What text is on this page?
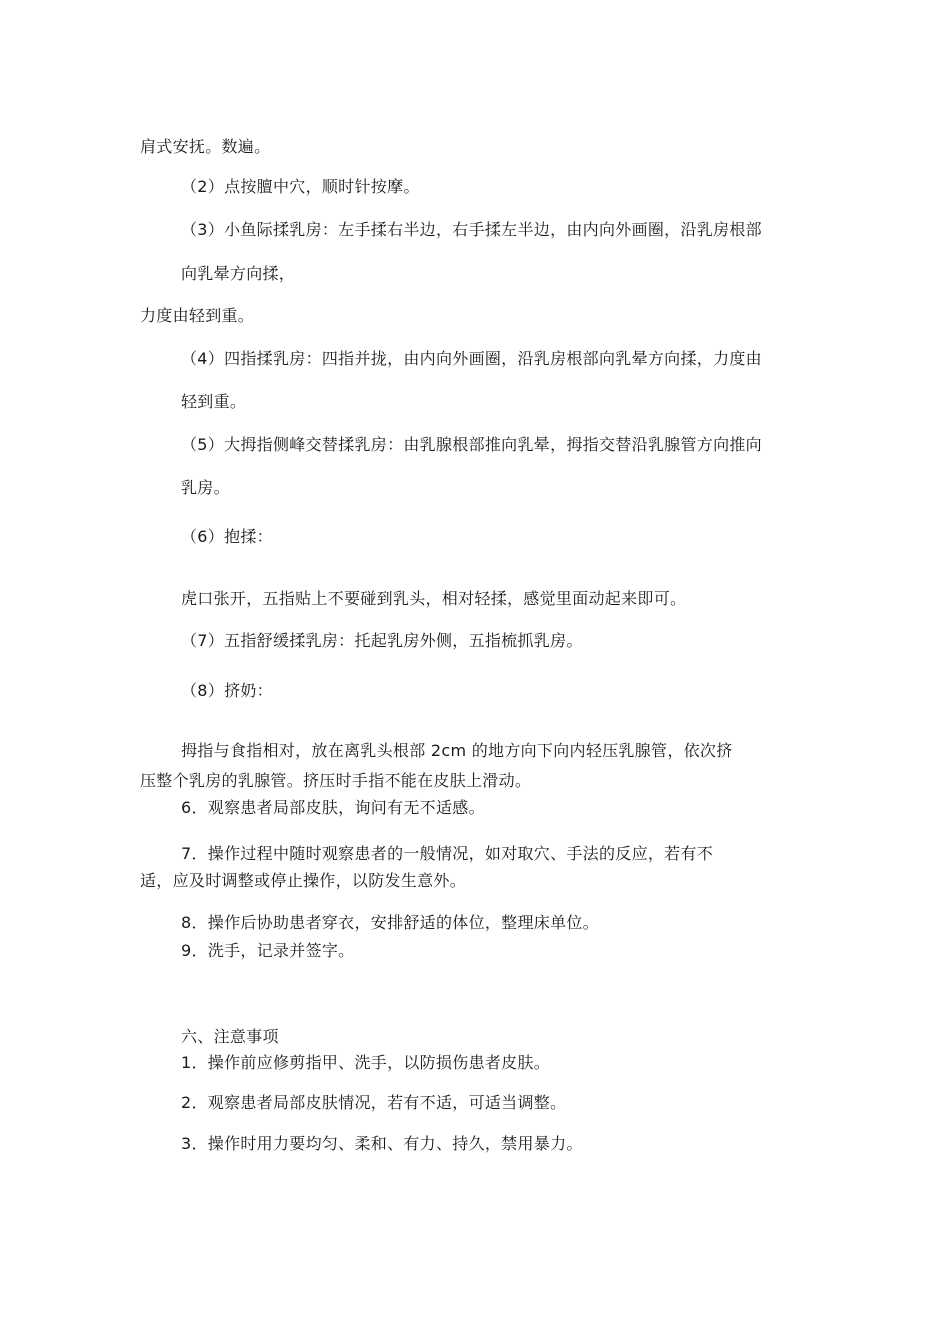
肩式安抚。数遍。
（2）点按膻中穴，顺时针按摩。
（3）小鱼际揉乳房：左手揉右半边，右手揉左半边，由内向外画圈，沿乳房根部
向乳晕方向揉，
力度由轻到重。
（4）四指揉乳房：四指并拢，由内向外画圈，沿乳房根部向乳晕方向揉，力度由
轻到重。
（5）大拇指侧峰交替揉乳房：由乳腺根部推向乳晕，拇指交替沿乳腺管方向推向
乳房。
（6）抱揉：
虎口张开，五指贴上不要碰到乳头，相对轻揉，感觉里面动起来即可。
（7）五指舒缓揉乳房：托起乳房外侧，五指梳抓乳房。
（8）挤奶：
拇指与食指相对，放在离乳头根部 2cm 的地方向下向内轻压乳腺管，依次挤
压整个乳房的乳腺管。挤压时手指不能在皮肤上滑动。
6．观察患者局部皮肤，询问有无不适感。
7．操作过程中随时观察患者的一般情况，如对取穴、手法的反应，若有不
适，应及时调整或停止操作，以防发生意外。
8．操作后协助患者穿衣，安排舒适的体位，整理床单位。
9．洗手，记录并签字。
六、注意事项
1．操作前应修剪指甲、洗手，以防损伤患者皮肤。
2．观察患者局部皮肤情况，若有不适，可适当调整。
3．操作时用力要均匀、柔和、有力、持久，禁用暴力。
